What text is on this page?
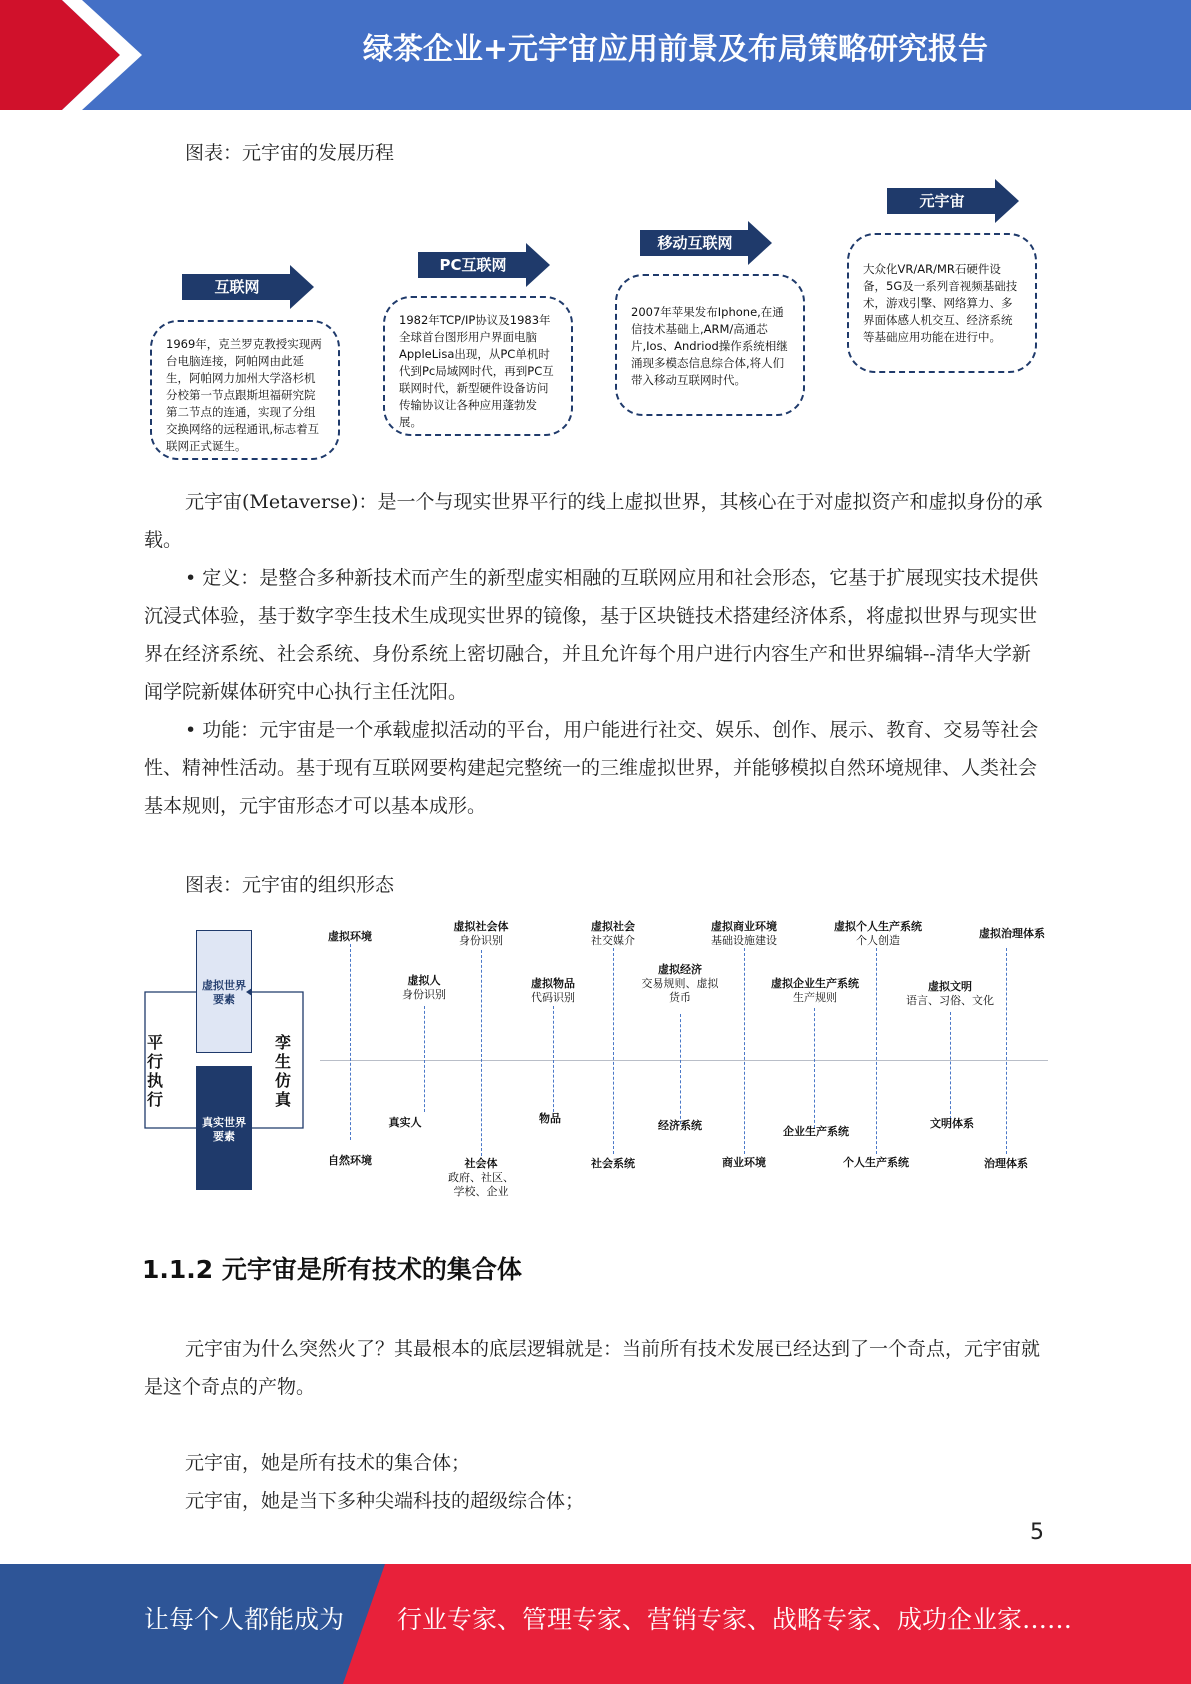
绿茶企业+元宇宙应用前景及布局策略研究报告
图表：元宇宙的发展历程
互联网
1969年，克兰罗克教授实现两台电脑连接，阿帕网由此延生，阿帕网力加州大学洛杉机分校第一节点跟斯坦福研究院第二节点的连通，实现了分组交换网络的远程通讯,标志着互联网正式诞生。
PC互联网
1982年TCP/IP协议及1983年全球首台图形用户界面电脑AppleLisa出现，从PC单机时代到Pc局域网时代，再到PC互联网时代，新型硬件设备访问传输协议让各种应用蓬勃发展。
移动互联网
2007年苹果发布Iphone,在通信技术基础上,ARM/高通芯片,Ios、Andriod操作系统相继涌现多模态信息综合体,将人们带入移动互联网时代。
元宇宙
大众化VR/AR/MR石硬件设备，5G及一系列音视频基础技术，游戏引擎、网络算力、多界面体感人机交互、经济系统等基础应用功能在进行中。
元宇宙(Metaverse)：是一个与现实世界平行的线上虚拟世界，其核心在于对虚拟资产和虚拟身份的承载。
• 定义：是整合多种新技术而产生的新型虚实相融的互联网应用和社会形态，它基于扩展现实技术提供沉浸式体验，基于数字孪生技术生成现实世界的镜像，基于区块链技术搭建经济体系，将虚拟世界与现实世界在经济系统、社会系统、身份系统上密切融合，并且允许每个用户进行内容生产和世界编辑--清华大学新闻学院新媒体研究中心执行主任沈阳。
• 功能：元宇宙是一个承载虚拟活动的平台，用户能进行社交、娱乐、创作、展示、教育、交易等社会性、精神性活动。基于现有互联网要构建起完整统一的三维虚拟世界，并能够模拟自然环境规律、人类社会基本规则，元宇宙形态才可以基本成形。
图表：元宇宙的组织形态
虚拟世界要素
真实世界要素
平行执行
孪生仿真
虚拟环境
虚拟人
身份识别
虚拟社会体
身份识别
虚拟物品
代码识别
虚拟社会
社交媒介
虚拟经济
交易规则、虚拟货币
虚拟商业环境
基础设施建设
虚拟企业生产系统
生产规则
虚拟个人生产系统
个人创造
虚拟文明
语言、习俗、文化
虚拟治理体系
自然环境
真实人
社会体
政府、社区、学校、企业
物品
社会系统
经济系统
商业环境
企业生产系统
个人生产系统
文明体系
治理体系
1.1.2 元宇宙是所有技术的集合体
元宇宙为什么突然火了？其最根本的底层逻辑就是：当前所有技术发展已经达到了一个奇点，元宇宙就是这个奇点的产物。
元宇宙，她是所有技术的集合体；
元宇宙，她是当下多种尖端科技的超级综合体；
5
让每个人都能成为 行业专家、管理专家、营销专家、战略专家、成功企业家……
